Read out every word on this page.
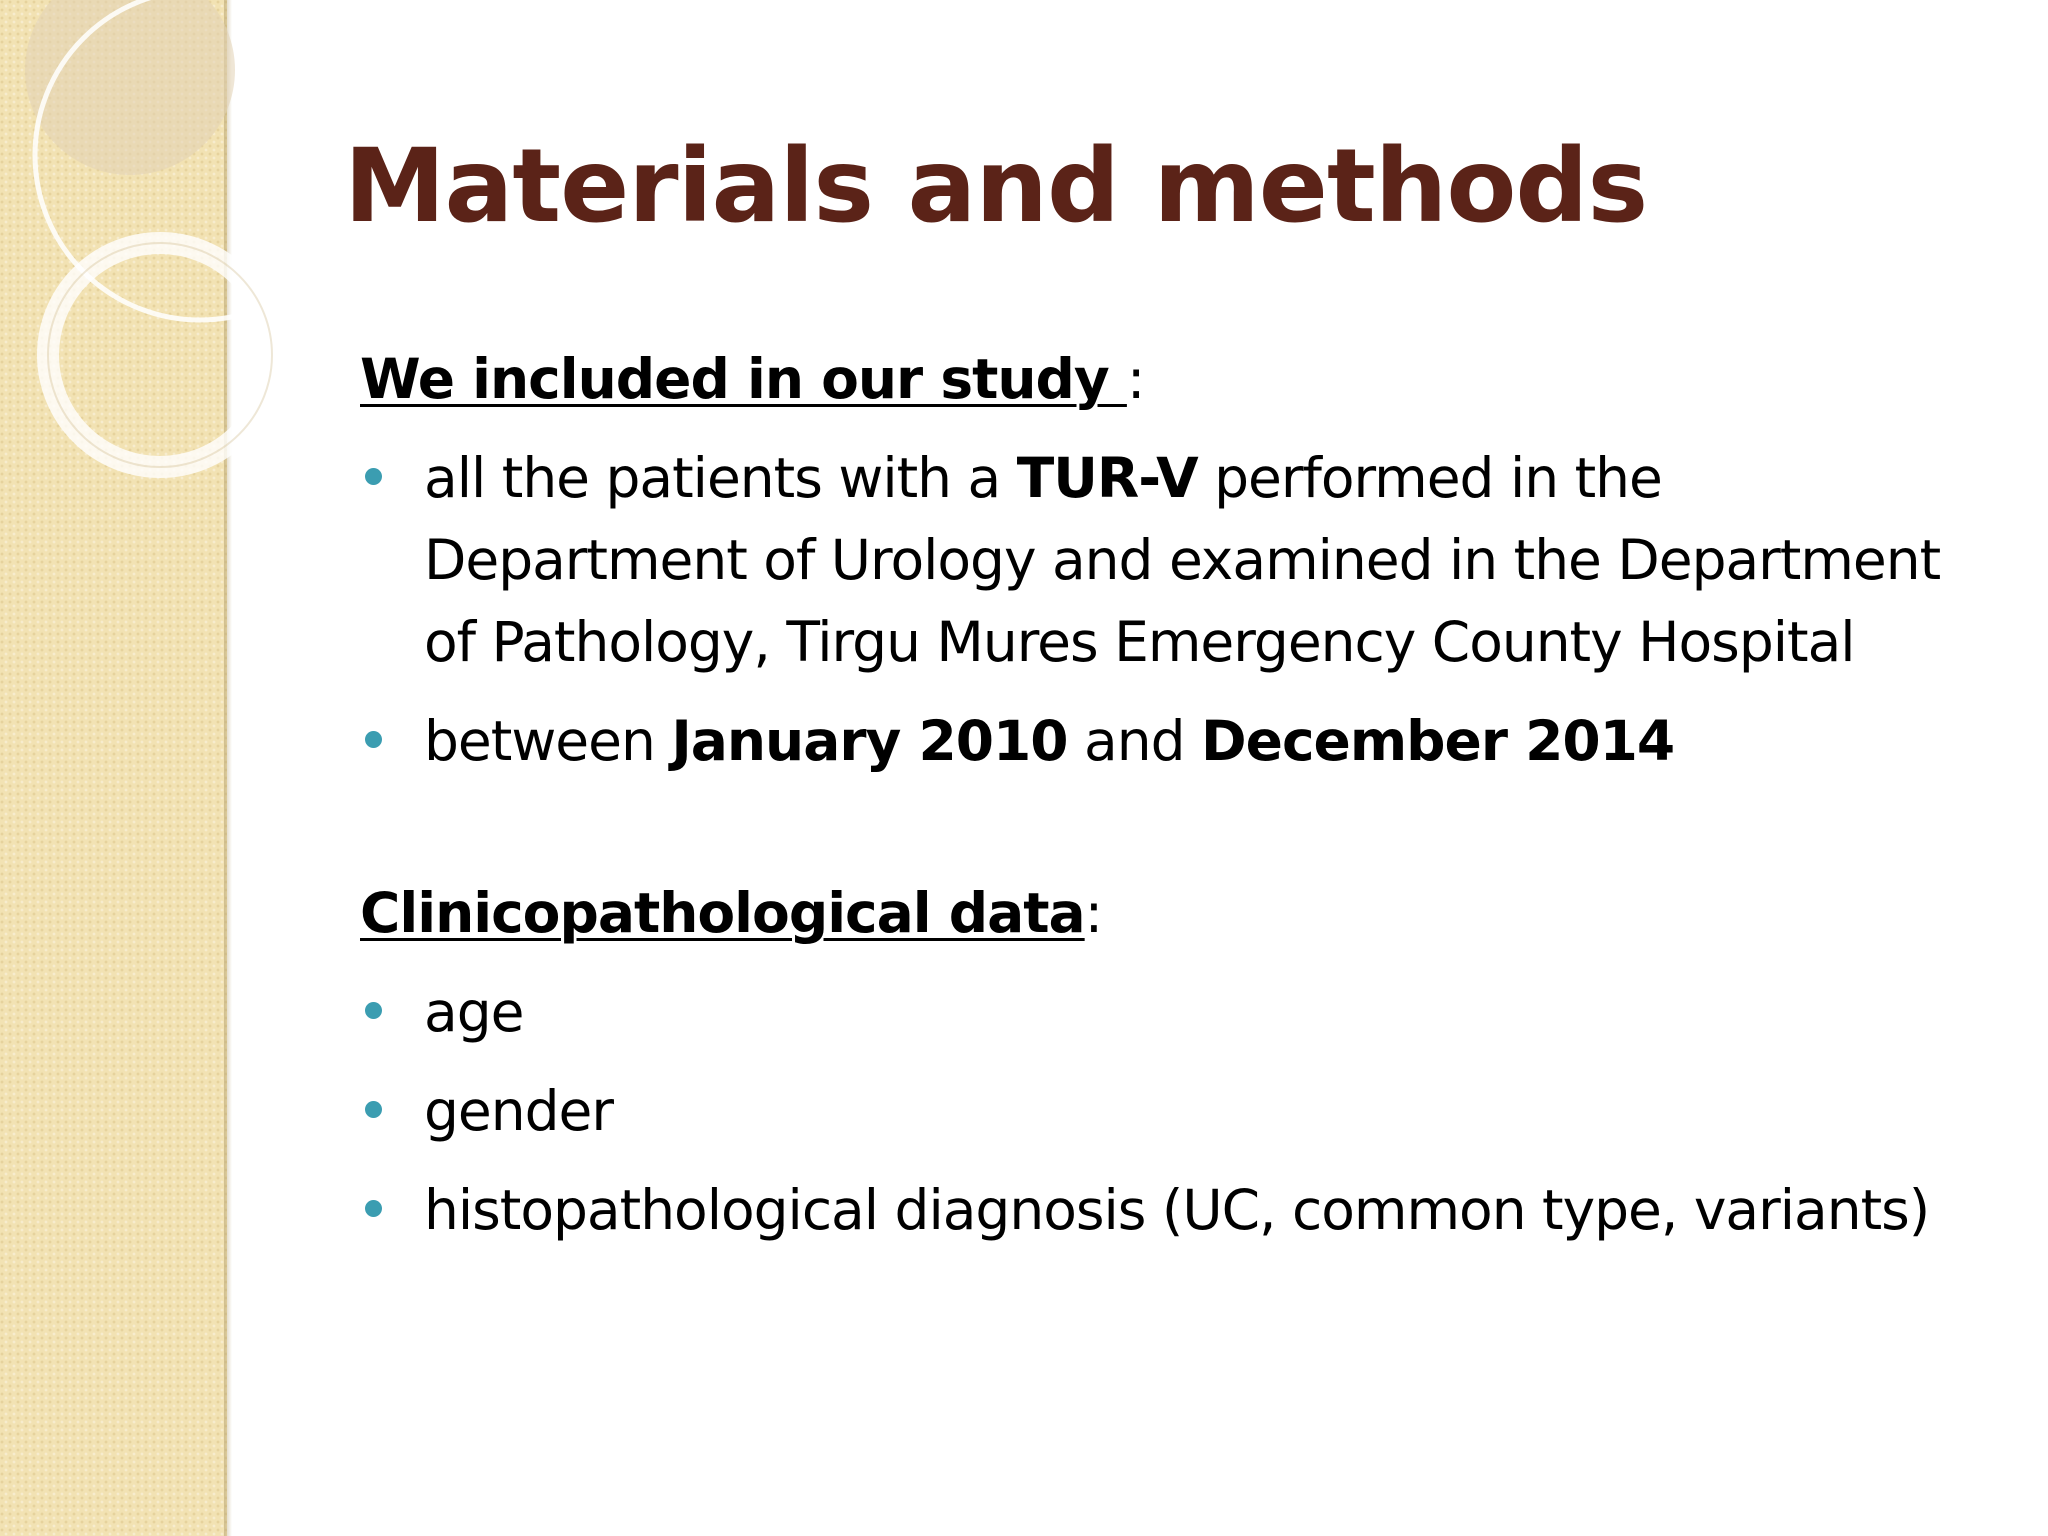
Materials and methods

We included in our study :

all the patients with a TUR-V performed in the Department of Urology and examined in the Department of Pathology, Tirgu Mures Emergency County Hospital
between January 2010 and December 2014

Clinicopathological data:

age
gender
histopathological diagnosis (UC, common type, variants)
